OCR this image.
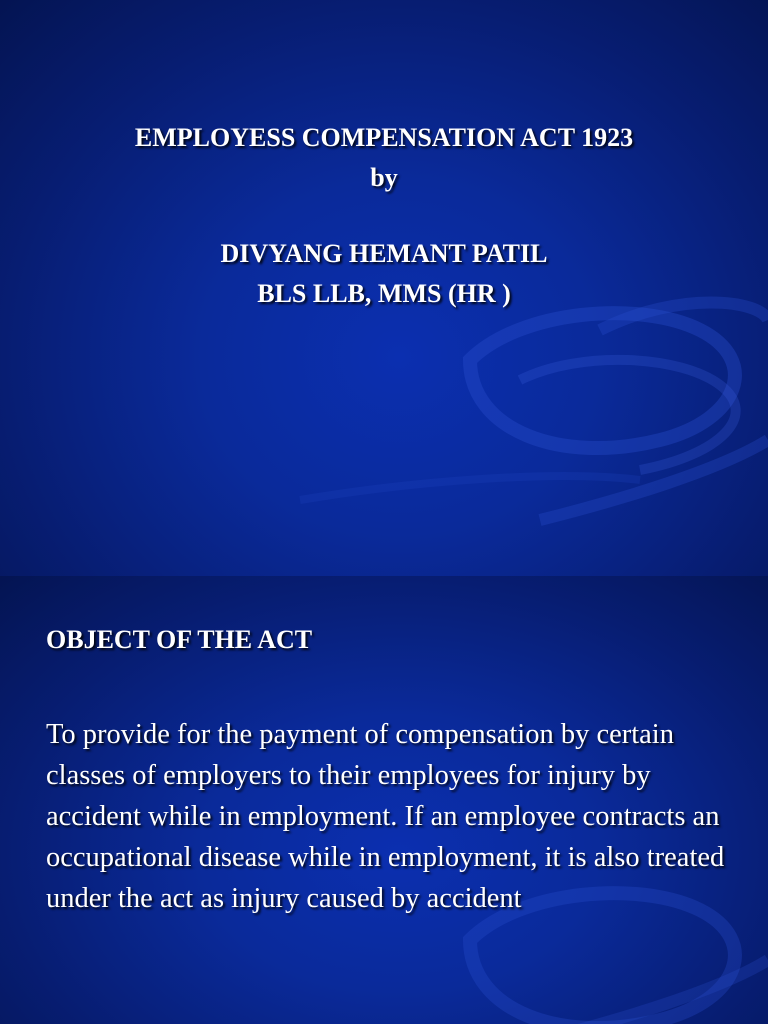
EMPLOYESS COMPENSATION ACT 1923
by
DIVYANG HEMANT PATIL
BLS LLB, MMS (HR )
OBJECT OF THE ACT
To provide for the payment of compensation by certain classes of employers to their employees for injury by accident while in employment. If an employee contracts an occupational disease while in employment, it is also treated under the act as injury caused by accident
